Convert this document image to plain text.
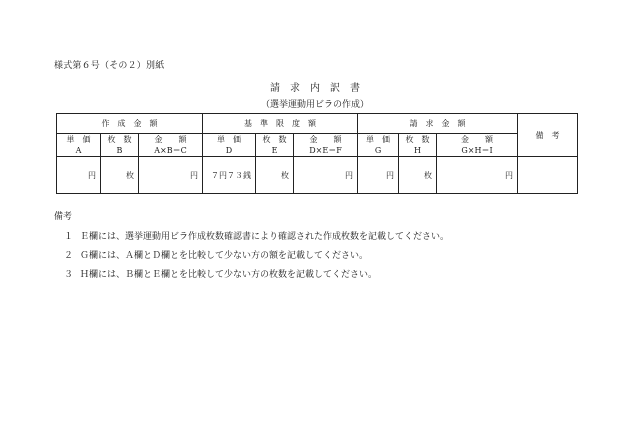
様式第６号（その２）別紙
請　求　内　訳　書
（選挙運動用ビラの作成）
作　成　金　額			基　準　限　度　額			請　求　金　額			備　考
単　価	枚　数	金　　額	単　価	枚　数	金　　額	単　価	枚　数	金　　額	
A	B	A×B＝C	D	E	D×E＝F	G	H	G×H＝I	
円	枚	円	７円７３銭	枚	円	円	枚	円	
備考
１ Ｅ欄には、選挙運動用ビラ作成枚数確認書により確認された作成枚数を記載してください。
２ Ｇ欄には、Ａ欄とＤ欄とを比較して少ない方の額を記載してください。
３ Ｈ欄には、Ｂ欄とＥ欄とを比較して少ない方の枚数を記載してください。
